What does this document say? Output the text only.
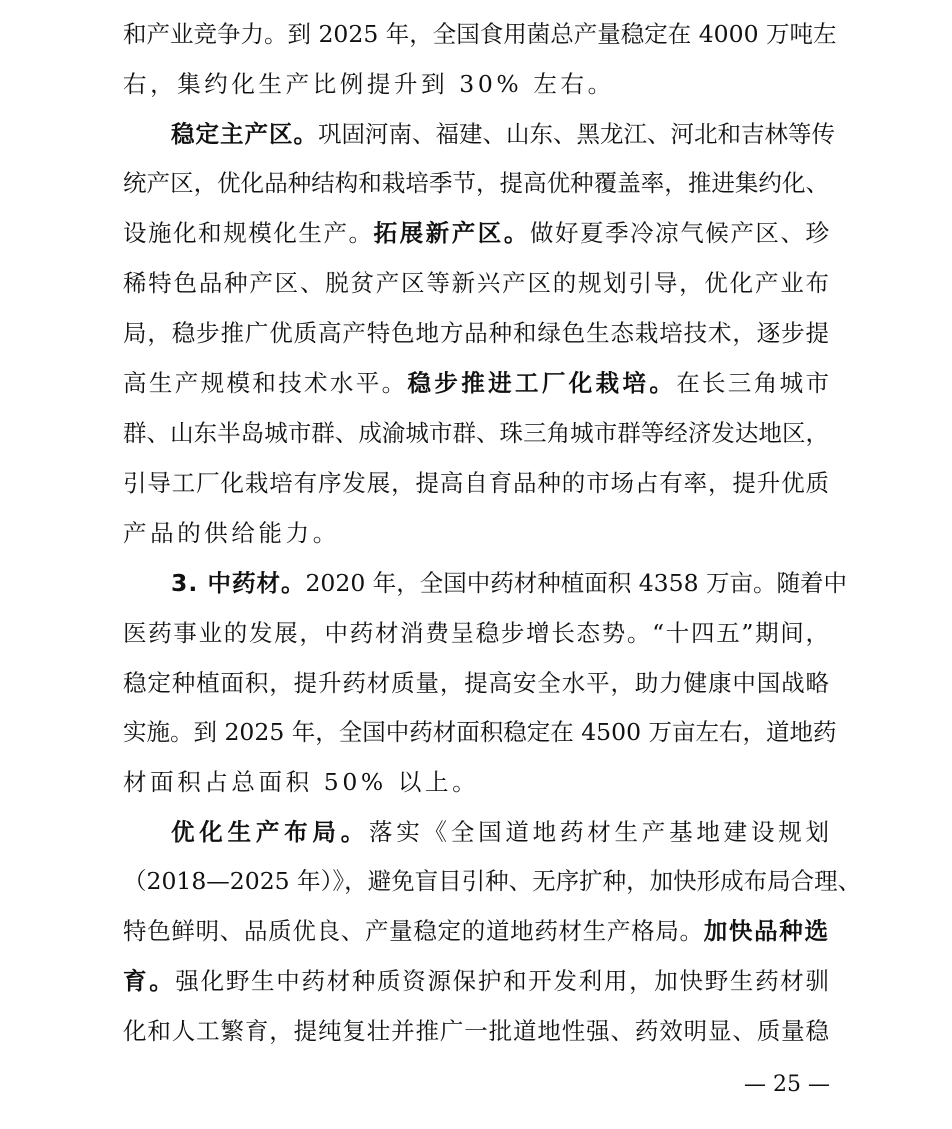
和产业竞争力。到 2025 年，全国食用菌总产量稳定在 4000 万吨左
右，集约化生产比例提升到 30% 左右。
稳定主产区。巩固河南、福建、山东、黑龙江、河北和吉林等传
统产区，优化品种结构和栽培季节，提高优种覆盖率，推进集约化、
设施化和规模化生产。拓展新产区。做好夏季冷凉气候产区、珍
稀特色品种产区、脱贫产区等新兴产区的规划引导，优化产业布
局，稳步推广优质高产特色地方品种和绿色生态栽培技术，逐步提
高生产规模和技术水平。稳步推进工厂化栽培。在长三角城市
群、山东半岛城市群、成渝城市群、珠三角城市群等经济发达地区，
引导工厂化栽培有序发展，提高自育品种的市场占有率，提升优质
产品的供给能力。
3. 中药材。2020 年，全国中药材种植面积 4358 万亩。随着中
医药事业的发展，中药材消费呈稳步增长态势。“十四五”期间，
稳定种植面积，提升药材质量，提高安全水平，助力健康中国战略
实施。到 2025 年，全国中药材面积稳定在 4500 万亩左右，道地药
材面积占总面积 50% 以上。
优化生产布局。落实《全国道地药材生产基地建设规划
（2018—2025 年）》，避免盲目引种、无序扩种，加快形成布局合理、
特色鲜明、品质优良、产量稳定的道地药材生产格局。加快品种选
育。强化野生中药材种质资源保护和开发利用，加快野生药材驯
化和人工繁育，提纯复壮并推广一批道地性强、药效明显、质量稳
— 25 —
